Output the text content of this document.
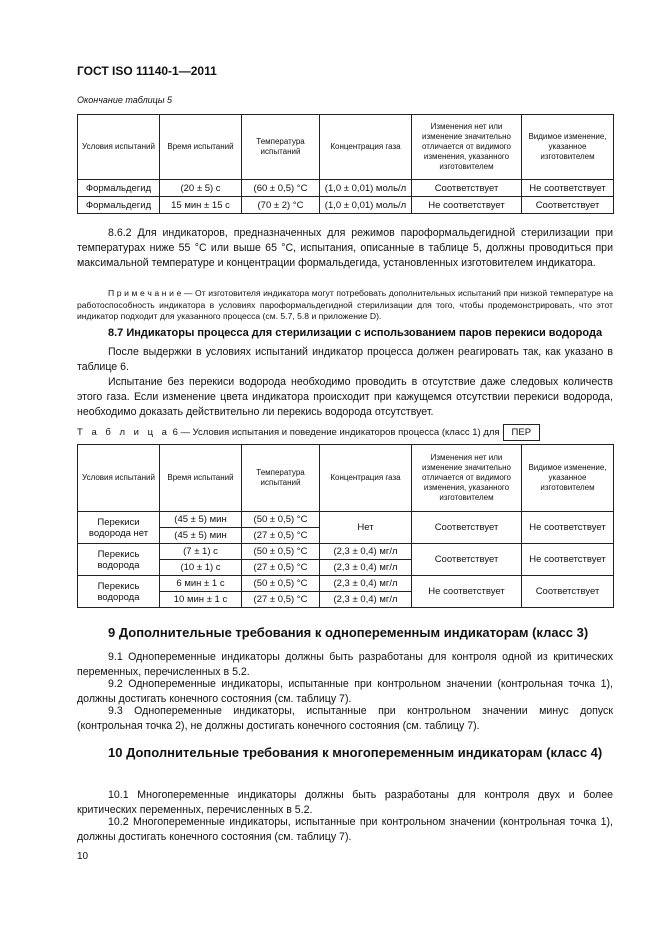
ГОСТ ISO 11140-1—2011
Окончание таблицы 5
Условия испытаний	Время испытаний	Температура испытаний	Концентрация газа	Изменения нет или изменение значительно отличается от видимого изменения, указанного изготовителем	Видимое изменение, указанное изготовителем
Формальдегид	(20 ± 5) с	(60 ± 0,5) °С	(1,0 ± 0,01) моль/л	Соответствует	Не соответствует
Формальдегид	15 мин ± 15 с	(70 ± 2) °С	(1,0 ± 0,01) моль/л	Не соответствует	Соответствует
8.6.2 Для индикаторов, предназначенных для режимов пароформальдегидной стерилизации при температурах ниже 55 °С или выше 65 °С, испытания, описанные в таблице 5, должны проводиться при максимальной температуре и концентрации формальдегида, установленных изготовителем индикатора.
П р и м е ч а н и е — От изготовителя индикатора могут потребовать дополнительных испытаний при низкой температуре на работоспособность индикатора в условиях пароформальдегидной стерилизации для того, чтобы продемонстрировать, что этот индикатор подходит для указанного процесса (см. 5.7, 5.8 и приложение D).
8.7 Индикаторы процесса для стерилизации с использованием паров перекиси водорода
После выдержки в условиях испытаний индикатор процесса должен реагировать так, как указано в таблице 6.
Испытание без перекиси водорода необходимо проводить в отсутствие даже следовых количеств этого газа. Если изменение цвета индикатора происходит при кажущемся отсутствии перекиси водорода, необходимо доказать действительно ли перекись водорода отсутствует.
Т а б л и ц а 6 — Условия испытания и поведение индикаторов процесса (класс 1) для ПЕР
Условия испытаний	Время испытаний	Температура испытаний	Концентрация газа	Изменения нет или изменение значительно отличается от видимого изменения, указанного изготовителем	Видимое изменение, указанное изготовителем
Перекиси водорода нет	(45 ± 5) мин	(50 ± 0,5) °С	Нет	Соответствует	Не соответствует
	(45 ± 5) мин	(27 ± 0,5) °С			
Перекись водорода	(7 ± 1) с	(50 ± 0,5) °С	(2,3 ± 0,4) мг/л	Соответствует	Не соответствует
	(10 ± 1) с	(27 ± 0,5) °С	(2,3 ± 0,4) мг/л		
Перекись водорода	6 мин ± 1 с	(50 ± 0,5) °С	(2,3 ± 0,4) мг/л	Не соответствует	Соответствует
	10 мин ± 1 с	(27 ± 0,5) °С	(2,3 ± 0,4) мг/л		
9 Дополнительные требования к однопеременным индикаторам (класс 3)
9.1 Однопеременные индикаторы должны быть разработаны для контроля одной из критических переменных, перечисленных в 5.2.
9.2 Однопеременные индикаторы, испытанные при контрольном значении (контрольная точка 1), должны достигать конечного состояния (см. таблицу 7).
9.3 Однопеременные индикаторы, испытанные при контрольном значении минус допуск (контрольная точка 2), не должны достигать конечного состояния (см. таблицу 7).
10 Дополнительные требования к многопеременным индикаторам (класс 4)
10.1 Многопеременные индикаторы должны быть разработаны для контроля двух и более критических переменных, перечисленных в 5.2.
10.2 Многопеременные индикаторы, испытанные при контрольном значении (контрольная точка 1), должны достигать конечного состояния (см. таблицу 7).
10
